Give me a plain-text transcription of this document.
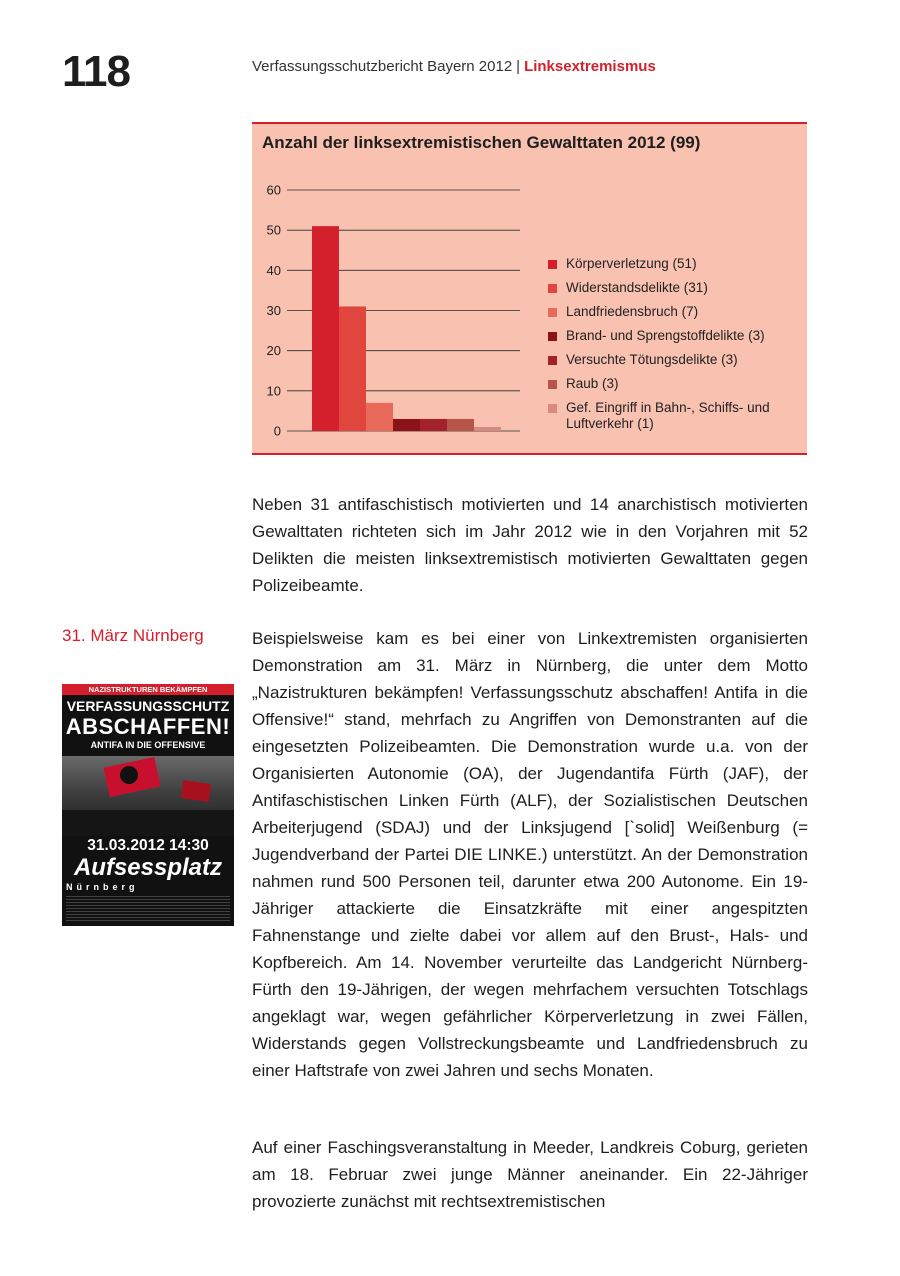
118	Verfassungsschutzbericht Bayern 2012 | Linksextremismus
Anzahl der linksextremistischen Gewalttaten 2012 (99)
0
10
20
30
40
50
60
Körperverletzung (51)
Widerstandsdelikte (31)
Landfriedensbruch (7)
Brand- und Sprengstoffdelikte (3)
Versuchte Tötungsdelikte (3)
Raub (3)
Gef. Eingriff in Bahn-, Schiffs- und Luftverkehr (1)

Neben 31 antifaschistisch motivierten und 14 anarchistisch motivierten Gewalttaten richteten sich im Jahr 2012 wie in den Vorjahren mit 52 Delikten die meisten linksextremistisch motivierten Gewalttaten gegen Polizeibeamte.

31. März Nürnberg
NAZISTRUKTUREN BEKÄMPFEN
VERFASSUNGSSCHUTZ
ABSCHAFFEN!
ANTIFA IN DIE OFFENSIVE
31.03.2012 14:30
Aufsessplatz
Nürnberg

Beispielsweise kam es bei einer von Linkextremisten organisierten Demonstration am 31. März in Nürnberg, die unter dem Motto „Nazistrukturen bekämpfen! Verfassungsschutz abschaffen! Antifa in die Offensive!“ stand, mehrfach zu Angriffen von Demonstranten auf die eingesetzten Polizeibeamten. Die Demonstration wurde u.a. von der Organisierten Autonomie (OA), der Jugendantifa Fürth (JAF), der Antifaschistischen Linken Fürth (ALF), der Sozialistischen Deutschen Arbeiterjugend (SDAJ) und der Linksjugend [`solid] Weißenburg (= Jugendverband der Partei DIE LINKE.) unterstützt. An der Demonstration nahmen rund 500 Personen teil, darunter etwa 200 Autonome. Ein 19-Jähriger attackierte die Einsatzkräfte mit einer angespitzten Fahnenstange und zielte dabei vor allem auf den Brust-, Hals- und Kopfbereich. Am 14. November verurteilte das Landgericht Nürnberg-Fürth den 19-Jährigen, der wegen mehrfachem versuchten Totschlags angeklagt war, wegen gefährlicher Körperverletzung in zwei Fällen, Widerstands gegen Vollstreckungsbeamte und Landfriedensbruch zu einer Haftstrafe von zwei Jahren und sechs Monaten.

Auf einer Faschingsveranstaltung in Meeder, Landkreis Coburg, gerieten am 18. Februar zwei junge Männer aneinander. Ein 22-Jähriger provozierte zunächst mit rechtsextremistischen
